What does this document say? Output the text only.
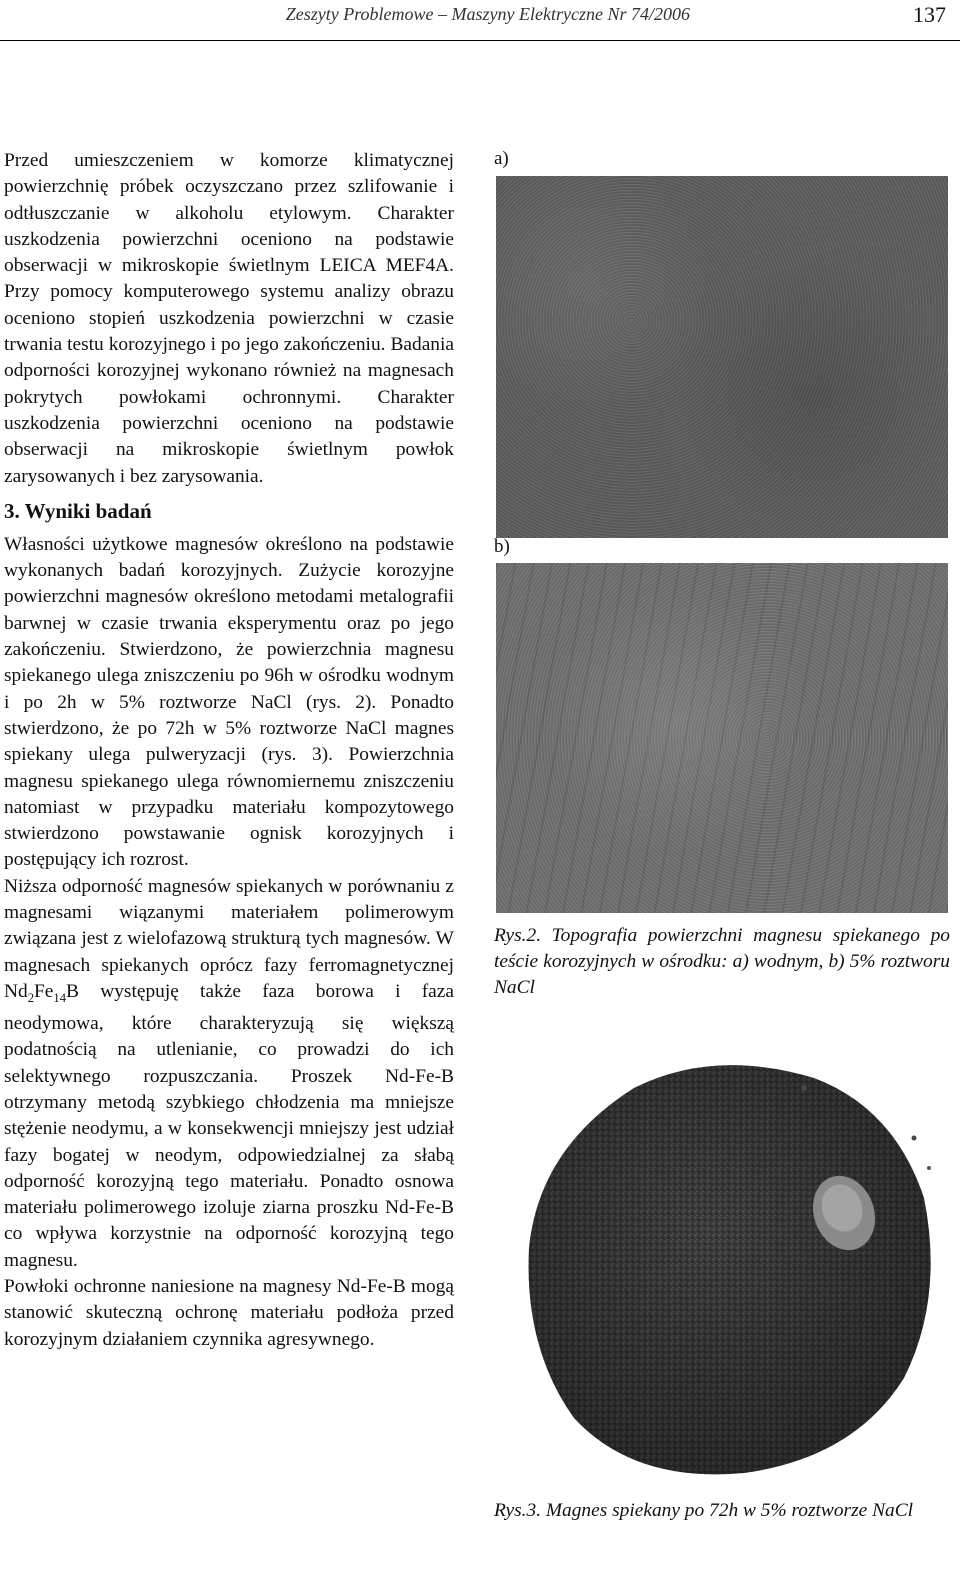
Zeszyty Problemowe – Maszyny Elektryczne Nr 74/2006	137

Przed umieszczeniem w komorze klimatycznej powierzchnię próbek oczyszczano przez szlifowanie i odtłuszczanie w alkoholu etylowym. Charakter uszkodzenia powierzchni oceniono na podstawie obserwacji w mikroskopie świetlnym LEICA MEF4A. Przy pomocy komputerowego systemu analizy obrazu oceniono stopień uszkodzenia powierzchni w czasie trwania testu korozyjnego i po jego zakończeniu. Badania odporności korozyjnej wykonano również na magnesach pokrytych powłokami ochronnymi. Charakter uszkodzenia powierzchni oceniono na podstawie obserwacji na mikroskopie świetlnym powłok zarysowanych i bez zarysowania.

3. Wyniki badań

Własności użytkowe magnesów określono na podstawie wykonanych badań korozyjnych. Zużycie korozyjne powierzchni magnesów określono metodami metalografii barwnej w czasie trwania eksperymentu oraz po jego zakończeniu. Stwierdzono, że powierzchnia magnesu spiekanego ulega zniszczeniu po 96h w ośrodku wodnym i po 2h w 5% roztworze NaCl (rys. 2). Ponadto stwierdzono, że po 72h w 5% roztworze NaCl magnes spiekany ulega pulweryzacji (rys. 3). Powierzchnia magnesu spiekanego ulega równomiernemu zniszczeniu natomiast w przypadku materiału kompozytowego stwierdzono powstawanie ognisk korozyjnych i postępujący ich rozrost.

Niższa odporność magnesów spiekanych w porównaniu z magnesami wiązanymi materiałem polimerowym związana jest z wielofazową strukturą tych magnesów. W magnesach spiekanych oprócz fazy ferromagnetycznej $Nd_2Fe_{14}B$ występuję także faza borowa i faza neodymowa, które charakteryzują się większą podatnością na utlenianie, co prowadzi do ich selektywnego rozpuszczania. Proszek Nd-Fe-B otrzymany metodą szybkiego chłodzenia ma mniejsze stężenie neodymu, a w konsekwencji mniejszy jest udział fazy bogatej w neodym, odpowiedzialnej za słabą odporność korozyjną tego materiału. Ponadto osnowa materiału polimerowego izoluje ziarna proszku Nd-Fe-B co wpływa korzystnie na odporność korozyjną tego magnesu.

Powłoki ochronne naniesione na magnesy Nd-Fe-B mogą stanowić skuteczną ochronę materiału podłoża przed korozyjnym działaniem czynnika agresywnego.

a)
b)
Rys.2. Topografia powierzchni magnesu spiekanego po teście korozyjnych w ośrodku: a) wodnym, b) 5% roztworu NaCl
Rys.3. Magnes spiekany po 72h w 5% roztworze NaCl
